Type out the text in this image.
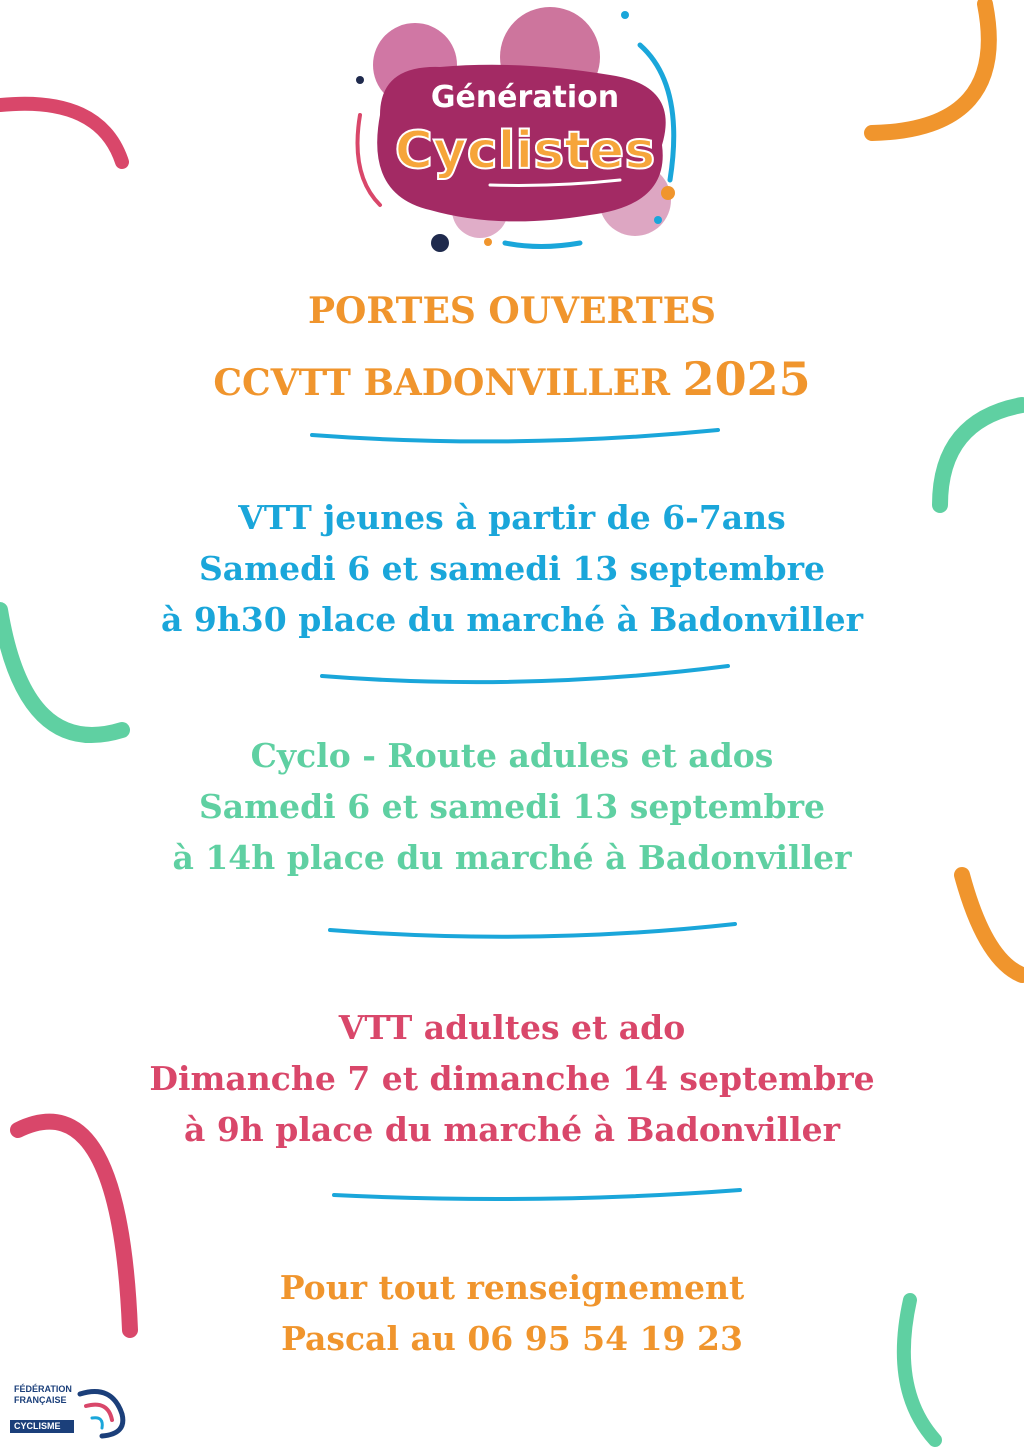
Génération
Cyclistes
PORTES OUVERTES
CCVTT BADONVILLER 2025

VTT jeunes à partir de 6-7ans

Samedi 6 et samedi 13 septembre

à 9h30 place du marché à Badonviller

Cyclo - Route adules et ados

Samedi 6 et samedi 13 septembre

à 14h place du marché à Badonviller

VTT adultes et ado

Dimanche 7 et dimanche 14 septembre

à 9h place du marché à Badonviller

Pour tout renseignement

Pascal au 06 95 54 19 23

FÉDÉRATION
FRANÇAISE
CYCLISME
